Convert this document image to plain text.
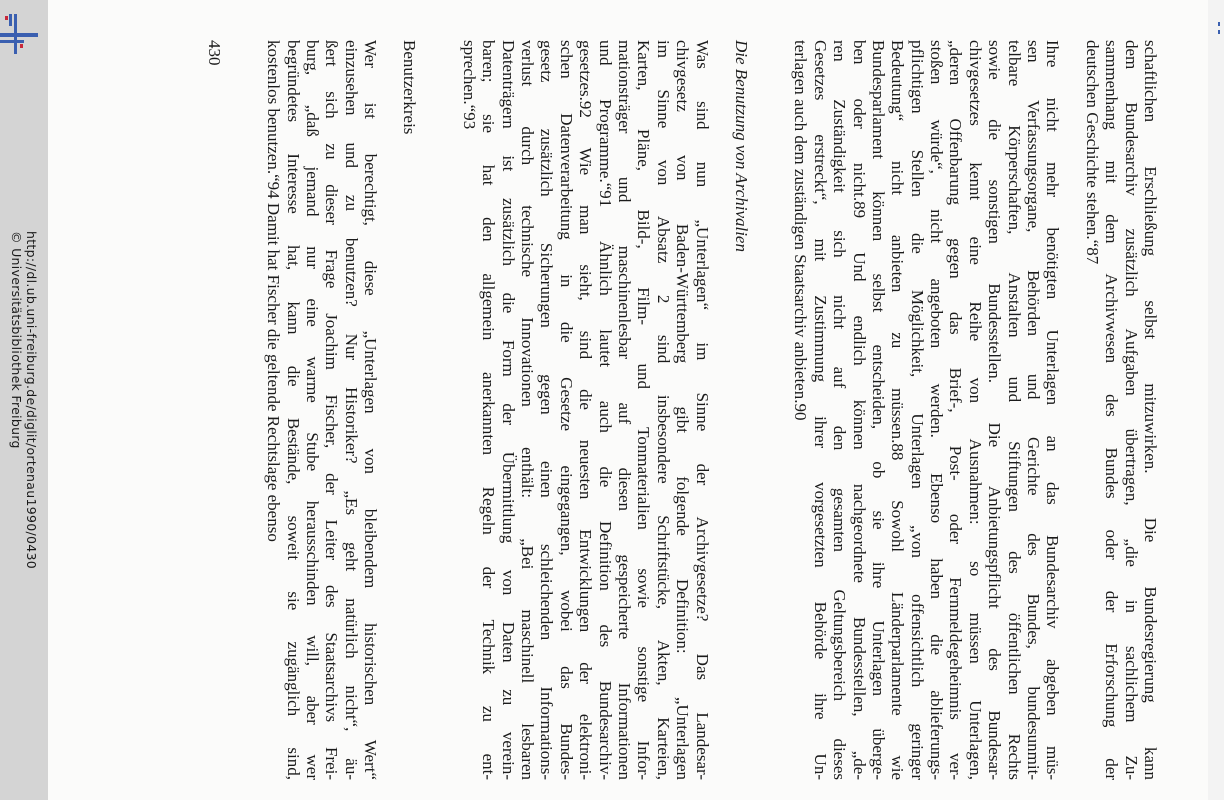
http://dl.ub.uni-freiburg.de/diglit/ortenau1990/0430
© Universitätsbibliothek Freiburg	schaftlichen Erschließung selbst mitzuwirken. Die Bundesregierung kann
dem Bundesarchiv zusätzlich Aufgaben übertragen, „die in sachlichem Zu-
sammenhang mit dem Archivwesen des Bundes oder der Erforschung der
deutschen Geschichte stehen.“87
Ihre nicht mehr benötigten Unterlagen an das Bundesarchiv abgeben müs-
sen Verfassungsorgane, Behörden und Gerichte des Bundes, bundesunmit-
telbare Körperschaften, Anstalten und Stiftungen des öffentlichen Rechts
sowie die sonstigen Bundesstellen. Die Anbietungspflicht des Bundesar-
chivgesetzes kennt eine Reihe von Ausnahmen: so müssen Unterlagen,
„deren Offenbarung gegen das Brief-, Post- oder Fernmeldegeheimnis ver-
stoßen würde“, nicht angeboten werden. Ebenso haben die ablieferungs-
pflichtigen Stellen die Möglichkeit, Unterlagen „von offensichtlich geringer
Bedeutung“ nicht anbieten zu müssen.88 Sowohl Länderparlamente wie
Bundesparlament können selbst entscheiden, ob sie ihre Unterlagen überge-
ben oder nicht.89 Und endlich können nachgeordnete Bundesstellen, „de-
ren Zuständigkeit sich nicht auf den gesamten Geltungsbereich dieses
Gesetzes erstreckt“, mit Zustimmung ihrer vorgesetzten Behörde ihre Un-
terlagen auch dem zuständigen Staatsarchiv anbieten.90
Die Benutzung von Archivalien
Was sind nun „Unterlagen“ im Sinne der Archivgesetze? Das Landesar-
chivgesetz von Baden-Württemberg gibt folgende Definition: „Unterlagen
im Sinne von Absatz 2 sind insbesondere Schriftstücke, Akten, Karteien,
Karten, Pläne, Bild-, Film- und Tonmaterialien sowie sonstige Infor-
mationsträger und maschinenlesbar auf diesen gespeicherte Informationen
und Programme.“91 Ähnlich lautet auch die Definition des Bundesarchiv-
gesetzes.92 Wie man sieht, sind die neuesten Entwicklungen der elektroni-
schen Datenverarbeitung in die Gesetze eingegangen, wobei das Bundes-
gesetz zusätzlich Sicherungen gegen einen schleichenden Informations-
verlust durch technische Innovationen enthält: „Bei maschinell lesbaren
Datenträgern ist zusätzlich die Form der Übermittlung von Daten zu verein-
baren; sie hat den allgemein anerkannten Regeln der Technik zu ent-
sprechen.“93
Benutzerkreis
Wer ist berechtigt, diese „Unterlagen von bleibendem historischen Wert“
einzusehen und zu benutzen? Nur Historiker? „Es geht natürlich nicht“, äu-
ßert sich zu dieser Frage Joachim Fischer, der Leiter des Staatsarchivs Frei-
burg, „daß jemand nur eine warme Stube herausschinden will, aber wer
begründetes Interesse hat, kann die Bestände, soweit sie zugänglich sind,
kostenlos benutzen.“94 Damit hat Fischer die geltende Rechtslage ebenso
430
